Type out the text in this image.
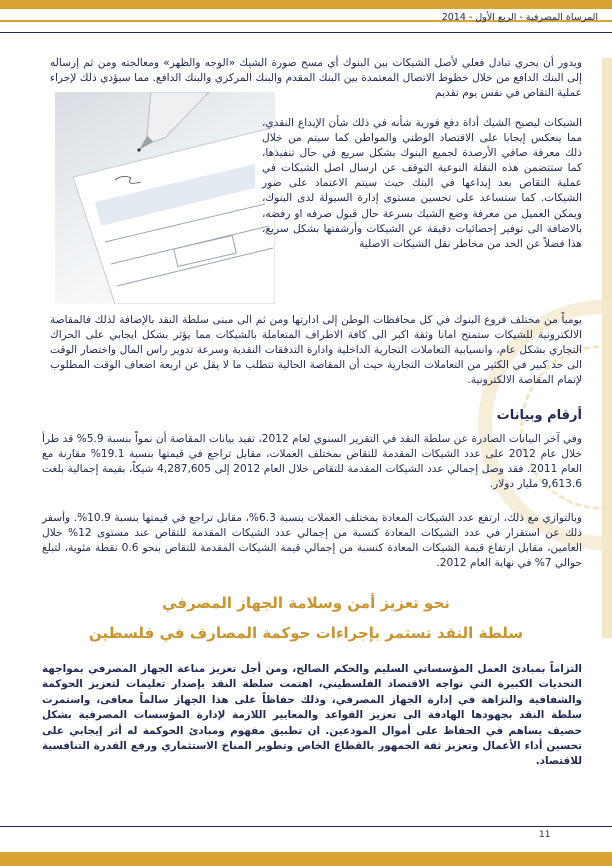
المرساة المصرفية - الربع الأول - 2014

ويدور أن يجري تبادل فعلي لأصل الشيكات بين البنوك أي مسح صورة الشيك «الوجه والظهر» ومعالجته ومن ثم إرساله إلى البنك الدافع من خلال خطوط الاتصال المعتمدة بين البنك المقدم والبنك المركزي والبنك الدافع. مما سيؤدي ذلك لإجراء عملية التقاص في نفس يوم تقديم

الشيكات ليصبح الشيك أداة دفع فورية شأنه في ذلك شأن الإيداع النقدي، مما ينعكس إيجابا على الاقتصاد الوطني والمواطن كما سيتم من خلال ذلك معرفة صافي الأرصدة لجميع البنوك بشكل سريع في حال تنفيذها، كما ستتضمن هذه النقلة النوعية التوقف عن ارسال اصل الشيكات في عملية التقاص بعد إيداعها في البنك حيث سيتم الاعتماد على صور الشيكات. كما ستساعد على تحسين مستوى إدارة السيولة لدى البنوك، ويمكن العميل من معرفة وضع الشيك بسرعة حال قبول صرفه او رفضه، بالاضافة الى توفير إحصائيات دقيقة عن الشيكات وأرشفتها بشكل سريع، هذا فضلاً عن الحد من مخاطر نقل الشيكات الاصلية

يومياً من مختلف فروع البنوك في كل محافظات الوطن إلى ادارتها ومن ثم الى مبنى سلطة النقد بالإضافة لذلك فالمقاصة الالكترونية للشيكات ستمنح امانا وثقة اكبر الى كافة الاطراف المتعاملة بالشيكات مما يؤثر بشكل ايجابي على الحراك التجاري بشكل عام، وانسيابية التعاملات التجارية الداخلية وادارة التدفقات النقدية وسرعة تدوير راس المال واختصار الوقت الى حد كبير في الكثير من التعاملات التجارية حيث أن المقاصة الحالية تتطلب ما لا يقل عن اربعة اضعاف الوقت المطلوب لإتمام المقاصة الالكترونية.

أرقام وبيانات

وفي آخر البيانات الصادرة عن سلطة النقد في التقرير السنوي لعام 2012، تفيد بيانات المقاصة أن نمواً بنسبة 5.9% قد طرأ خلال عام 2012 على عدد الشيكات المقدمة للتقاص بمختلف العملات، مقابل تراجع في قيمتها بنسبة 19.1% مقارنة مع العام 2011. فقد وصل إجمالي عدد الشيكات المقدمة للتقاص خلال العام 2012 إلى 4,287,605 شيكاً، بقيمة إجمالية بلغت 9,613.6 مليار دولار.

وبالتوازي مع ذلك، ارتفع عدد الشيكات المعادة بمختلف العملات بنسبة 6.3%، مقابل تراجع في قيمتها بنسبة 10.9%. وأسفر ذلك عن استقرار في عدد الشيكات المعادة كنسبة من إجمالي عدد الشيكات المقدمة للتقاص عند مستوى 12% خلال العامين، مقابل ارتفاع قيمة الشيكات المعادة كنسبة من إجمالي قيمة الشيكات المقدمة للتقاص بنحو 0.6 نقطة مئوية، لتبلغ حوالي 7% في نهاية العام 2012.

نحو تعزيز أمن وسلامة الجهاز المصرفي
سلطة النقد تستمر بإجراءات حوكمة المصارف في فلسطين

التزاماً بمبادئ العمل المؤسساتي السليم والحكم الصالح، ومن أجل تعزيز مناعة الجهاز المصرفي بمواجهة التحديات الكبيرة التي تواجه الاقتصاد الفلسطيني، اهتمت سلطة النقد بإصدار تعليمات لتعزيز الحوكمة والشفافية والنزاهة في إدارة الجهاز المصرفي، وذلك حفاظاً على هذا الجهاز سالماً معافى، واستمرت سلطة النقد بجهودها الهادفة الى تعزيز القواعد والمعايير اللازمة لإدارة المؤسسات المصرفية بشكل حصيف يساهم في الحفاظ على أموال المودعين. ان تطبيق مفهوم ومبادئ الحوكمة له أثر إيجابي على تحسين أداء الأعمال وتعزيز ثقة الجمهور بالقطاع الخاص وتطوير المناخ الاستثماري ورفع القدرة التنافسية للاقتصاد.

11
